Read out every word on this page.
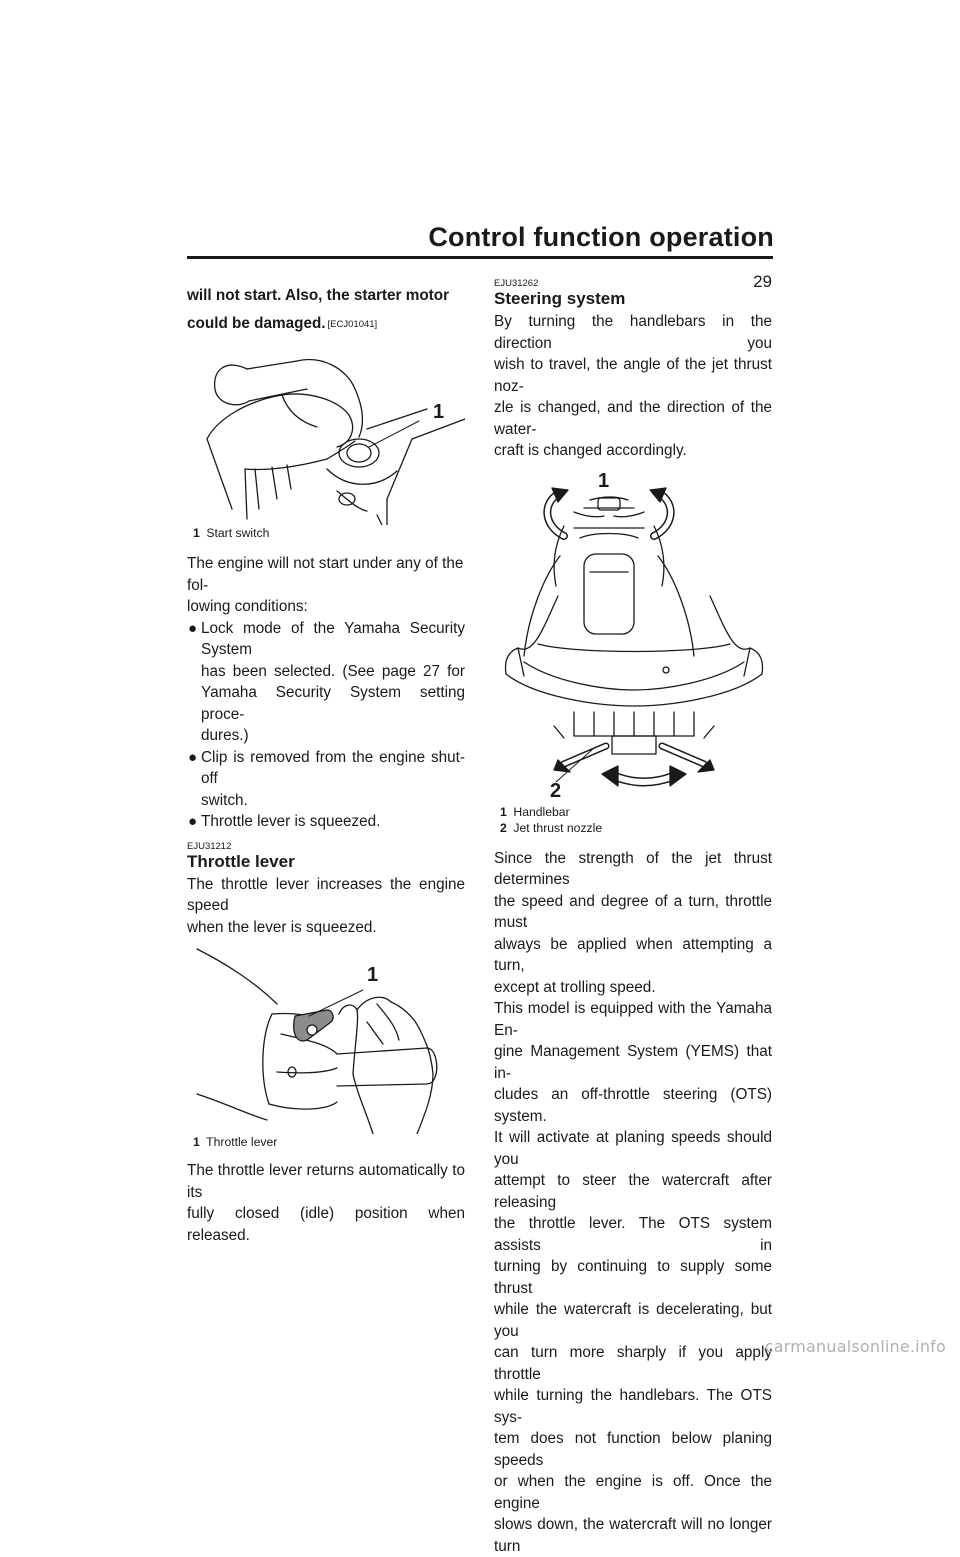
Control function operation
29

will not start. Also, the starter motor could be damaged. [ECJ01041]

1
1 Start switch

The engine will not start under any of the fol-

lowing conditions:

● Lock mode of the Yamaha Security System
has been selected. (See page 27 for
Yamaha Security System setting proce-
dures.)
● Clip is removed from the engine shut-off
switch.
● Throttle lever is squeezed.
EJU31212
Throttle lever

The throttle lever increases the engine speed

when the lever is squeezed.

1
1 Throttle lever

The throttle lever returns automatically to its

fully closed (idle) position when released.

EJU31262
Steering system

By turning the handlebars in the direction you

wish to travel, the angle of the jet thrust noz-

zle is changed, and the direction of the water-

craft is changed accordingly.

1
2
1 Handlebar
2 Jet thrust nozzle

Since the strength of the jet thrust determines

the speed and degree of a turn, throttle must

always be applied when attempting a turn,

except at trolling speed.

This model is equipped with the Yamaha En-

gine Management System (YEMS) that in-

cludes an off-throttle steering (OTS) system.

It will activate at planing speeds should you

attempt to steer the watercraft after releasing

the throttle lever. The OTS system assists in

turning by continuing to supply some thrust

while the watercraft is decelerating, but you

can turn more sharply if you apply throttle

while turning the handlebars. The OTS sys-

tem does not function below planing speeds

or when the engine is off. Once the engine

slows down, the watercraft will no longer turn

carmanualsonline.info
